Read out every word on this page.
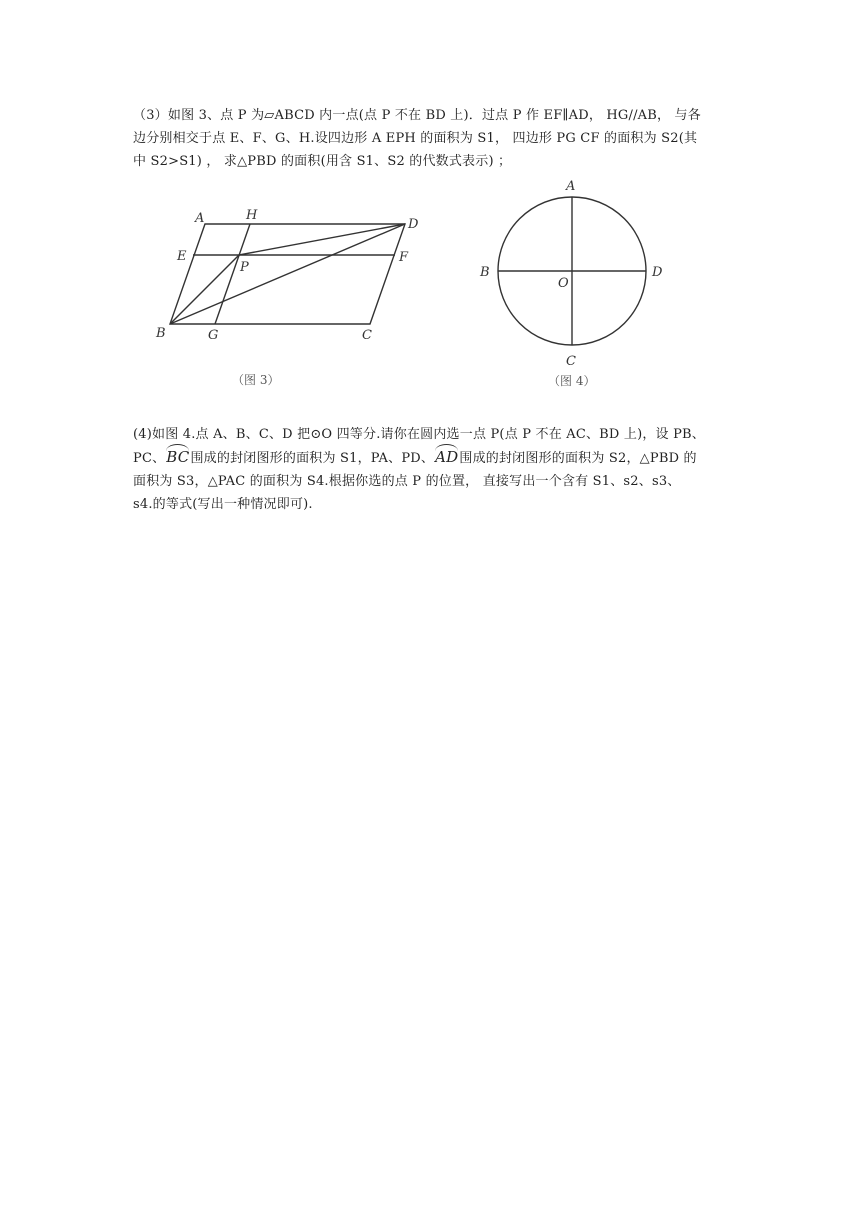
（3）如图 3、点 P 为▱ABCD 内一点(点 P 不在 BD 上)．过点 P 作 EF∥AD， HG//AB， 与各
边分别相交于点 E、F、G、H.设四边形 A EPH 的面积为 S1， 四边形 PG CF 的面积为 S2(其
中 S2>S1) ， 求△PBD 的面积(用含 S1、S2 的代数式表示) ；
A	H
D
E
P
F
B	G	C
（图 3）
A
B
O
D
C
（图 4）
(4)如图 4.点 A、B、C、D 把⊙O 四等分.请你在圆内选一点 P(点 P 不在 AC、BD 上)，设 PB、
PC、BC围成的封闭图形的面积为 S1，PA、PD、AD围成的封闭图形的面积为 S2，△PBD 的
面积为 S3，△PAC 的面积为 S4.根据你选的点 P 的位置， 直接写出一个含有 S1、s2、s3、
s4.的等式(写出一种情况即可).
